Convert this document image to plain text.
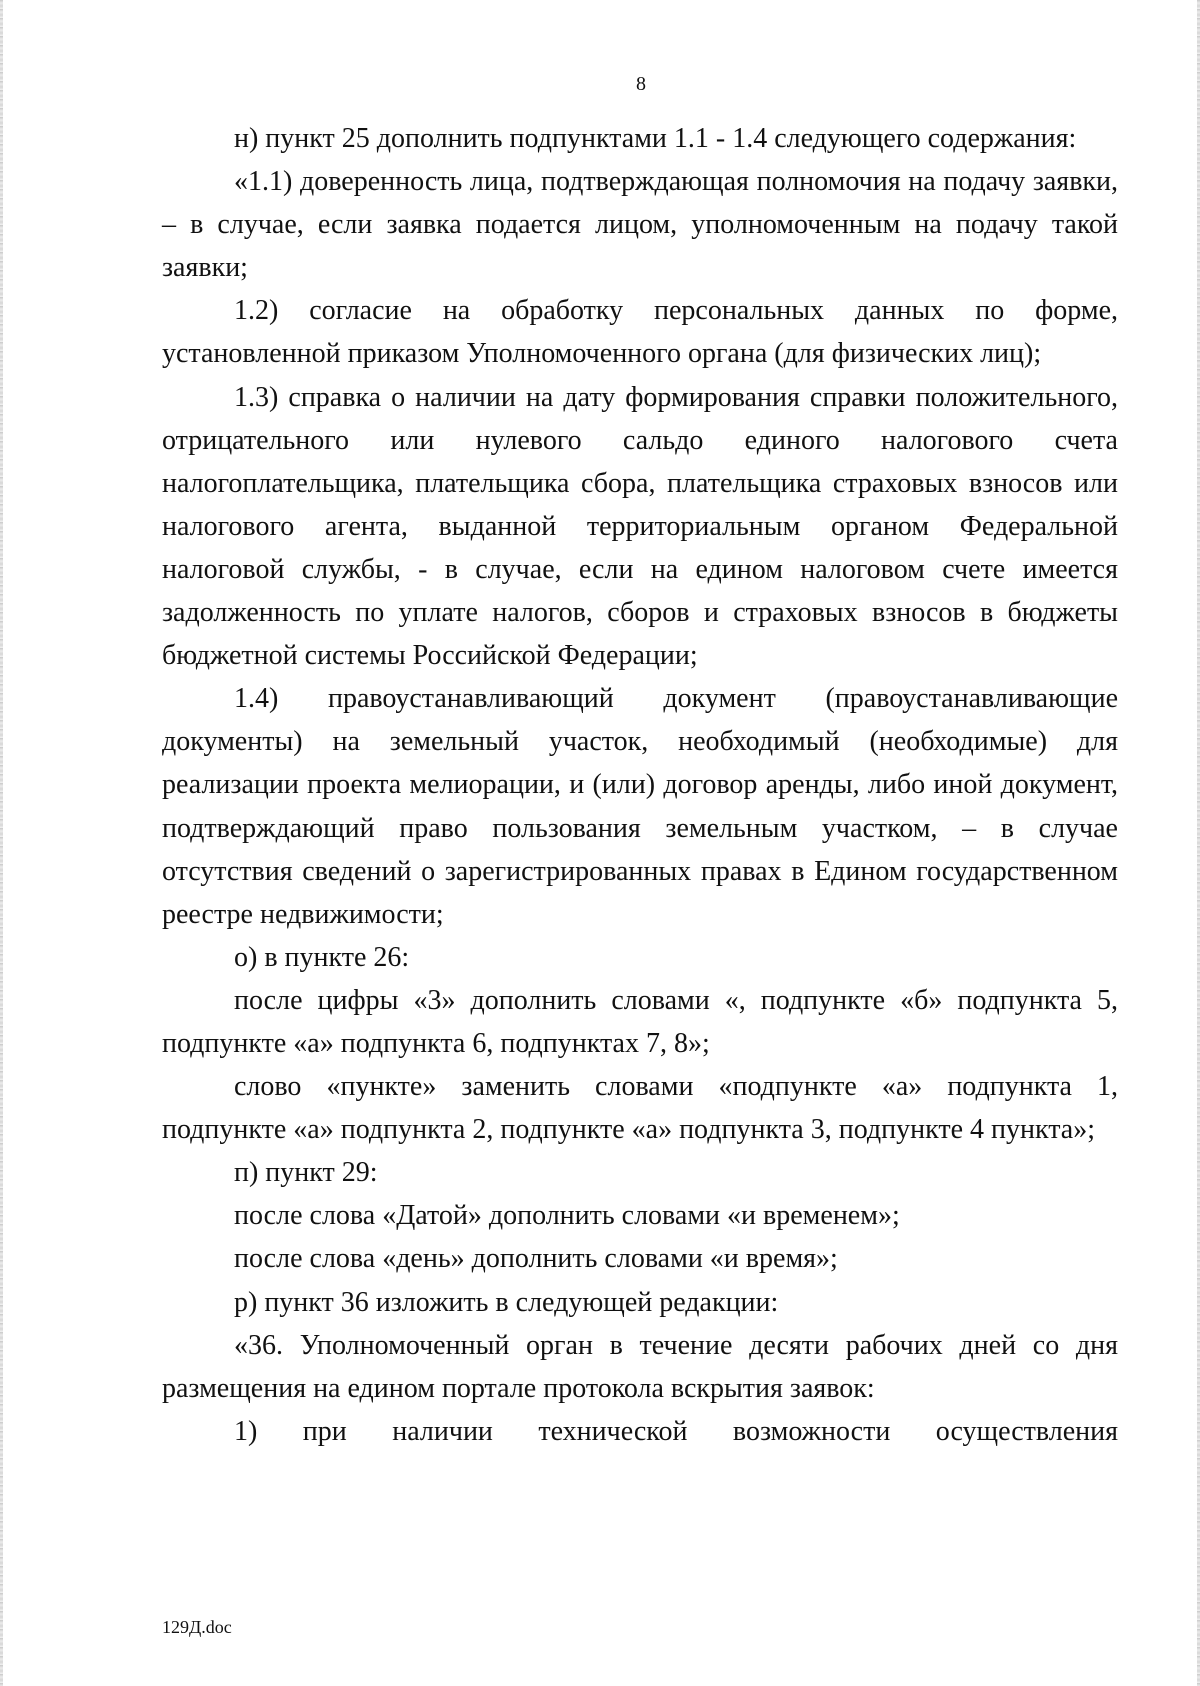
8

н) пункт 25 дополнить подпунктами 1.1 - 1.4 следующего содержания:

«1.1) доверенность лица, подтверждающая полномочия на подачу заявки, – в случае, если заявка подается лицом, уполномоченным на подачу такой заявки;

1.2) согласие на обработку персональных данных по форме, установленной приказом Уполномоченного органа (для физических лиц);

1.3) справка о наличии на дату формирования справки положительного, отрицательного или нулевого сальдо единого налогового счета налогоплательщика, плательщика сбора, плательщика страховых взносов или налогового агента, выданной территориальным органом Федеральной налоговой службы, - в случае, если на едином налоговом счете имеется задолженность по уплате налогов, сборов и страховых взносов в бюджеты бюджетной системы Российской Федерации;

1.4) правоустанавливающий документ (правоустанавливающие документы) на земельный участок, необходимый (необходимые) для реализации проекта мелиорации, и (или) договор аренды, либо иной документ, подтверждающий право пользования земельным участком, – в случае отсутствия сведений о зарегистрированных правах в Едином государственном реестре недвижимости;

о) в пункте 26:

после цифры «3» дополнить словами «, подпункте «б» подпункта 5, подпункте «а» подпункта 6, подпунктах 7, 8»;

слово «пункте» заменить словами «подпункте «а» подпункта 1, подпункте «а» подпункта 2, подпункте «а» подпункта 3, подпункте 4 пункта»;

п) пункт 29:

после слова «Датой» дополнить словами «и временем»;

после слова «день» дополнить словами «и время»;

р) пункт 36 изложить в следующей редакции:

«36. Уполномоченный орган в течение десяти рабочих дней со дня размещения на едином портале протокола вскрытия заявок:

1) при наличии технической возможности осуществления

129Д.doc
